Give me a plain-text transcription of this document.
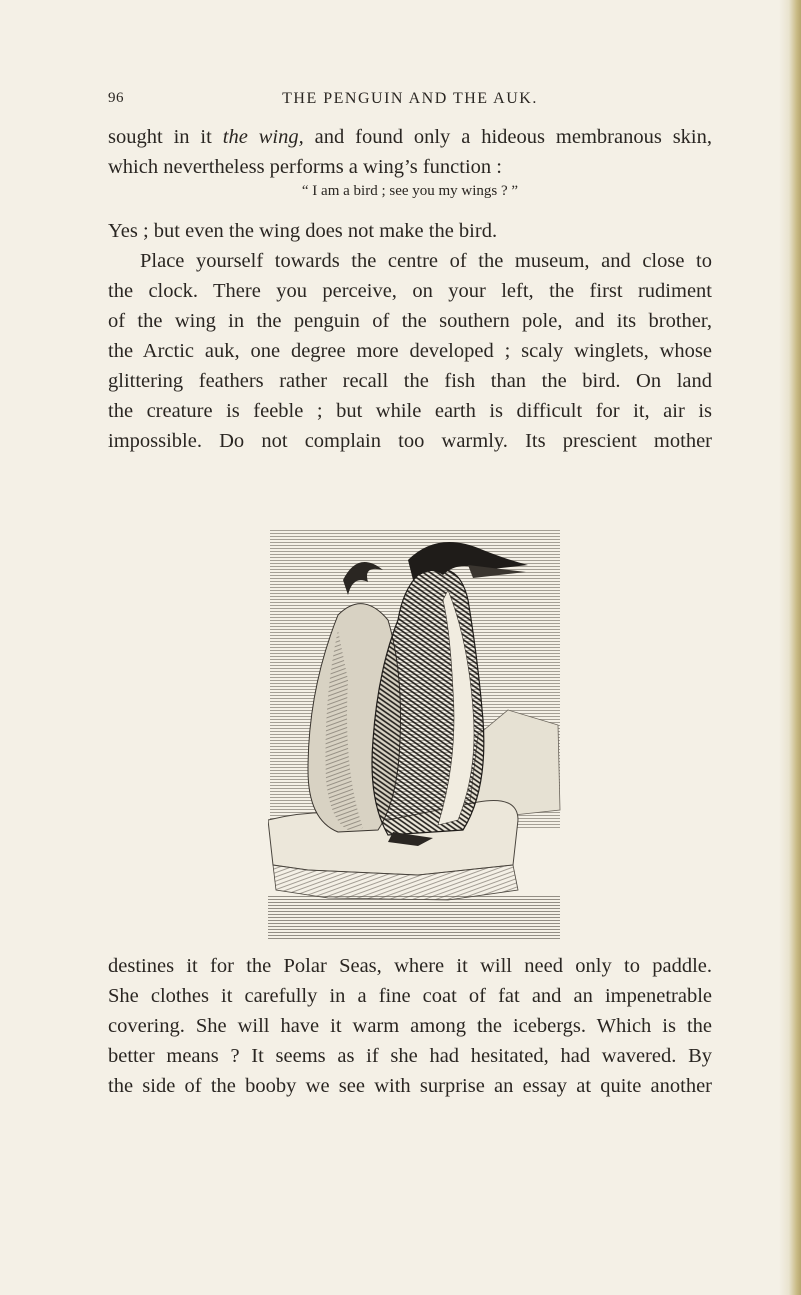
96	THE PENGUIN AND THE AUK.
sought in it the wing, and found only a hideous membranous skin,
which nevertheless performs a wing’s function :
“ I am a bird ; see you my wings ? ”
Yes ; but even the wing does not make the bird.
Place yourself towards the centre of the museum, and close to
the clock. There you perceive, on your left, the first rudiment
of the wing in the penguin of the southern pole, and its brother,
the Arctic auk, one degree more developed ; scaly winglets, whose
glittering feathers rather recall the fish than the bird. On land
the creature is feeble ; but while earth is difficult for it, air is
impossible. Do not complain too warmly. Its prescient mother
destines it for the Polar Seas, where it will need only to paddle.
She clothes it carefully in a fine coat of fat and an impenetrable
covering. She will have it warm among the icebergs. Which is the
better means ? It seems as if she had hesitated, had wavered. By
the side of the booby we see with surprise an essay at quite another
